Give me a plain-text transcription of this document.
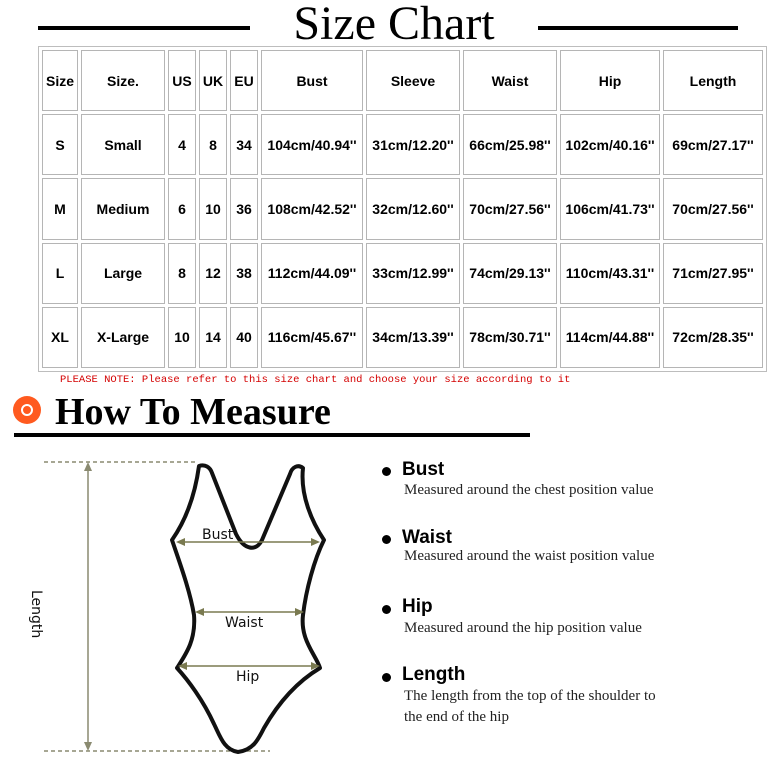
Size Chart
Size	Size.	US	UK	EU	Bust	Sleeve	Waist	Hip	Length
S	Small	4	8	34	104cm/40.94''	31cm/12.20''	66cm/25.98''	102cm/40.16''	69cm/27.17''
M	Medium	6	10	36	108cm/42.52''	32cm/12.60''	70cm/27.56''	106cm/41.73''	70cm/27.56''
L	Large	8	12	38	112cm/44.09''	33cm/12.99''	74cm/29.13''	110cm/43.31''	71cm/27.95''
XL	X-Large	10	14	40	116cm/45.67''	34cm/13.39''	78cm/30.71''	114cm/44.88''	72cm/28.35''
PLEASE NOTE: Please refer to this size chart and choose your size according to it
How To Measure
Bust
Waist
Hip
Length
Bust
Measured around the chest position value
Waist
Measured around the waist position value
Hip
Measured around the hip position value
Length
The length from the top of the shoulder to
the end of the hip
